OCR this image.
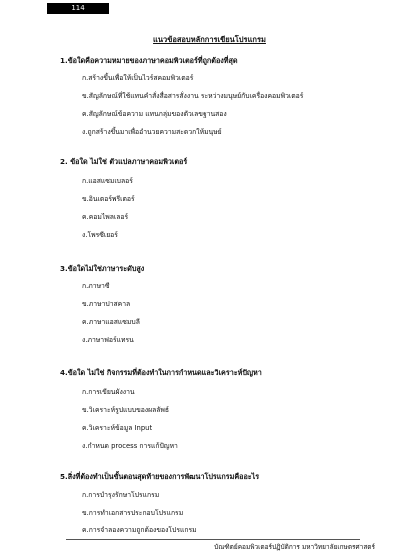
114
แนวข้อสอบหลักการเขียนโปรแกรม
1.ข้อใดคือความหมายของภาษาคอมพิวเตอร์ที่ถูกต้องที่สุด
ก.สร้างขึ้นเพื่อให้เป็นไวร์สคอมพิวเตอร์
ข.สัญลักษณ์ที่ใช้แทนคำสั่งสื่อสารสั่งงาน ระหว่างมนุษย์กับเครื่องคอมพิวเตอร์
ค.สัญลักษณ์ข้อความ แทนกลุ่มของตัวเลขฐานสอง
ง.ถูกสร้างขึ้นมาเพื่ออำนวยความสะดวกให้มนุษย์
2. ข้อใด ไม่ใช่ ตัวแปลภาษาคอมพิวเตอร์
ก.แอสแซมเบลอร์
ข.อินเตอร์พรีเตอร์
ค.คอมไพลเลอร์
ง.โพรซีเยอร์
3.ข้อใดไม่ใช่ภาษาระดับสูง
ก.ภาษาซี
ข.ภาษาปาสคาล
ค.ภาษาแอสแซมบลี
ง.ภาษาฟอร์แทรน
4.ข้อใด ไม่ใช่ กิจกรรมที่ต้องทำในการกำหนดและวิเคราะห์ปัญหา
ก.การเขียนผังงาน
ข.วิเคราะห์รูปแบบของผลลัพธ์
ค.วิเคราะห์ข้อมูล Input
ง.กำหนด process การแก้ปัญหา
5.สิ่งที่ต้องทำเป็นขั้นตอนสุดท้ายของการพัฒนาโปรแกรมคืออะไร
ก.การบำรุงรักษาโปรแกรม
ข.การทำเอกสารประกอบโปรแกรม
ค.การจำลองความถูกต้องของโปรแกรม
บัณฑิตย์คอมพิวเตอร์ปฏิบัติการ มหาวิทยาลัยเกษตรศาสตร์
